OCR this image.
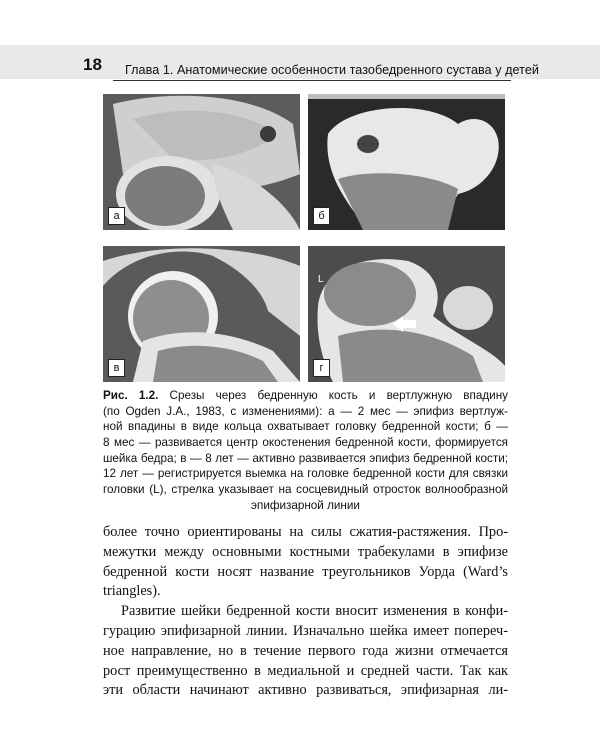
18 Глава 1. Анатомические особенности тазобедренного сустава у детей
а	б
в
L
г
Рис. 1.2. Срезы через бедренную кость и вертлужную впадину
(по Ogden J.A., 1983, с изменениями): а — 2 мес — эпифиз вертлуж-
ной впадины в виде кольца охватывает головку бедренной кости; б —
8 мес — развивается центр окостенения бедренной кости, формируется
шейка бедра; в — 8 лет — активно развивается эпифиз бедренной кости;
12 лет — регистрируется выемка на головке бедренной кости для связки
головки (L), стрелка указывает на сосцевидный отросток волнообразной
эпифизарной линии
более точно ориентированы на силы сжатия-растяжения. Про-
межутки между основными костными трабекулами в эпифизе
бедренной кости носят название треугольников Уорда (Ward’s
triangles).
Развитие шейки бедренной кости вносит изменения в конфи-
гурацию эпифизарной линии. Изначально шейка имеет попереч-
ное направление, но в течение первого года жизни отмечается
рост преимущественно в медиальной и средней части. Так как
эти области начинают активно развиваться, эпифизарная ли-
